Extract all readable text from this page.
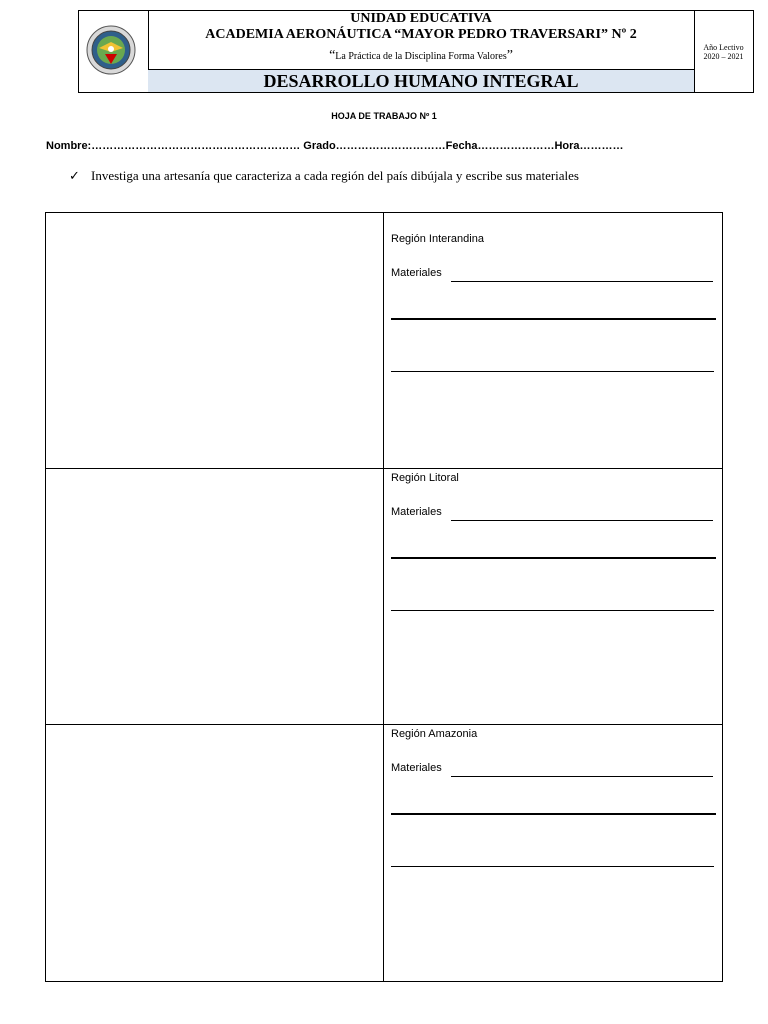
UNIDAD EDUCATIVA
ACADEMIA AERONÁUTICA “MAYOR PEDRO TRAVERSARI” Nº 2
“La Práctica de la Disciplina Forma Valores”
DESARROLLO HUMANO INTEGRAL
Año Lectivo
2020 – 2021
HOJA DE TRABAJO Nº 1
Nombre:………………………………………………… Grado…………………………Fecha…………………Hora…………
✓ Investiga una artesanía que caracteriza a cada región del país dibújala y escribe sus materiales
Región Interandina
Materiales
Región Litoral
Materiales
Región Amazonia
Materiales
